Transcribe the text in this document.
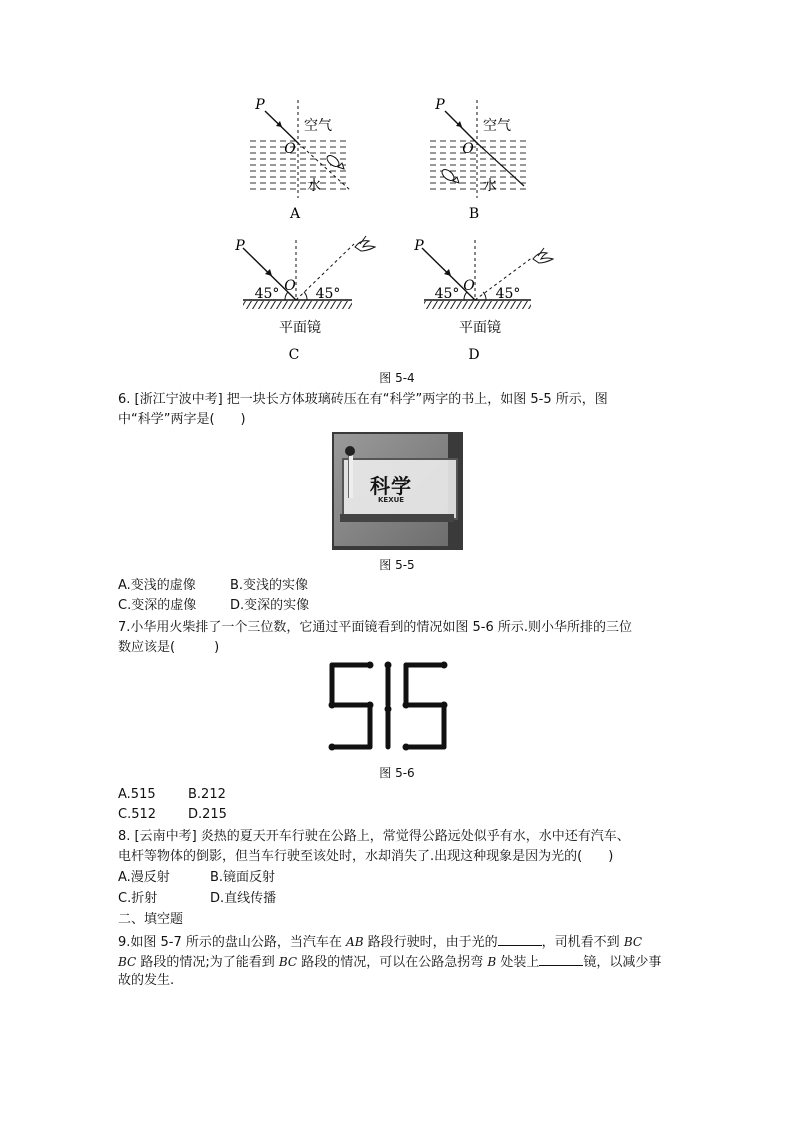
P
O
空气
水
A
P
O
空气
水
B
P
O
45°	45°
平面镜
C
P
O
45°	45°
平面镜
D
图 5-4
6. [浙江宁波中考] 把一块长方体玻璃砖压在有“科学”两字的书上，如图 5-5 所示，图
中“科学”两字是(　　)
科学
KEXUE
图 5-5
A.变浅的虚像	B.变浅的实像
C.变深的虚像	D.变深的实像
7.小华用火柴排了一个三位数，它通过平面镜看到的情况如图 5-6 所示.则小华所排的三位
数应该是(　　　)
图 5-6
A.515 B.212
C.512 D.215
8. [云南中考] 炎热的夏天开车行驶在公路上，常觉得公路远处似乎有水，水中还有汽车、
电杆等物体的倒影，但当车行驶至该处时，水却消失了.出现这种现象是因为光的(　　)
A.漫反射	B.镜面反射
C.折射	D.直线传播
二、填空题
9.如图 5-7 所示的盘山公路，当汽车在 AB 路段行驶时，由于光的	，司机看不到 BC
BC 路段的情况;为了能看到 BC 路段的情况，可以在公路急拐弯 B 处装上	镜，以减少事
故的发生.
